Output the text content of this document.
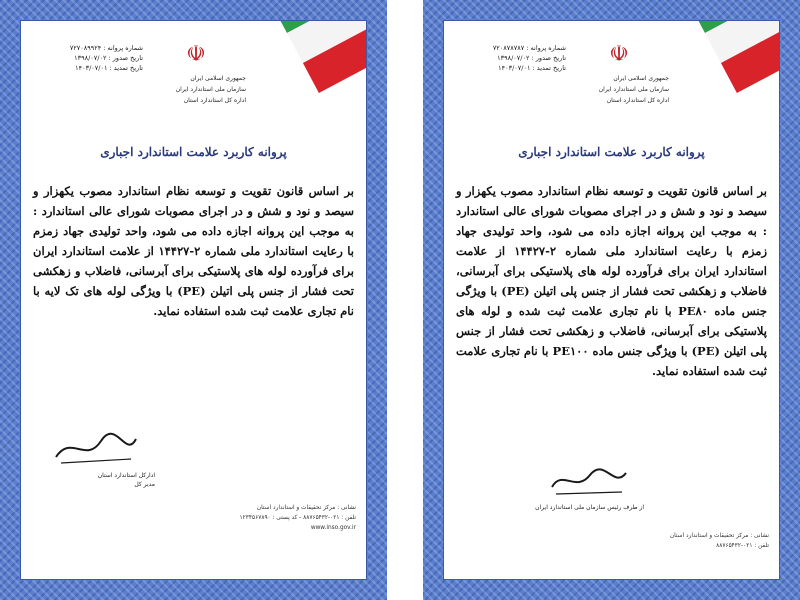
شماره پروانه : ۷۲۷۰۸۹۹۲۴
تاریخ صدور : ۱۳۹۸/۰۷/۰۲
تاریخ تمدید : ۱۴۰۳/۰۷/۰۱
☫
جمهوری اسلامی ایران
سازمان ملی استاندارد ایران
اداره کل استاندارد استان
پروانه کاربرد علامت استاندارد اجباری

بر اساس قانون تقویت و توسعه نظام استاندارد مصوب یکهزار و سیصد و نود و شش و در اجرای مصوبات شورای عالی استاندارد : به موجب این پروانه اجازه داده می شود، واحد تولیدی جهاد زمزم با رعایت استاندارد ملی شماره ۲-۱۴۴۲۷ از علامت استاندارد ایران برای فرآورده لوله های پلاستیکی برای آبرسانی، فاضلاب و زهکشی تحت فشار از جنس پلی اتیلن (PE) با ویژگی لوله های تک لایه با نام تجاری علامت ثبت شده استفاده نماید.

ادارکل استاندارد استان
مدیر کل
نشانی : مرکز تحقیقات و استاندارد استان
تلفن : ۰۲۱-۸۸۷۶۵۴۳۲ - کد پستی : ۱۲۳۴۵۶۷۸۹۰
www.inso.gov.ir
شماره پروانه : ۷۲۰۸۷۸۷۸۷
تاریخ صدور : ۱۳۹۸/۰۷/۰۲
تاریخ تمدید : ۱۴۰۳/۰۷/۰۱
☫
جمهوری اسلامی ایران
سازمان ملی استاندارد ایران
اداره کل استاندارد استان
پروانه کاربرد علامت استاندارد اجباری

بر اساس قانون تقویت و توسعه نظام استاندارد مصوب یکهزار و سیصد و نود و شش و در اجرای مصوبات شورای عالی استاندارد : به موجب این پروانه اجازه داده می شود، واحد تولیدی جهاد زمزم با رعایت استاندارد ملی شماره ۲-۱۴۴۲۷ از علامت استاندارد ایران برای فرآورده لوله های پلاستیکی برای آبرسانی، فاضلاب و زهکشی تحت فشار از جنس پلی اتیلن (PE) با ویژگی جنس ماده PE۸۰ با نام تجاری علامت ثبت شده و لوله های پلاستیکی برای آبرسانی، فاضلاب و زهکشی تحت فشار از جنس پلی اتیلن (PE) با ویژگی جنس ماده PE۱۰۰ با نام تجاری علامت ثبت شده استفاده نماید.

از طرف رئیس سازمان ملی استاندارد ایران
نشانی : مرکز تحقیقات و استاندارد استان
تلفن : ۰۲۱-۸۸۷۶۵۴۳۲
